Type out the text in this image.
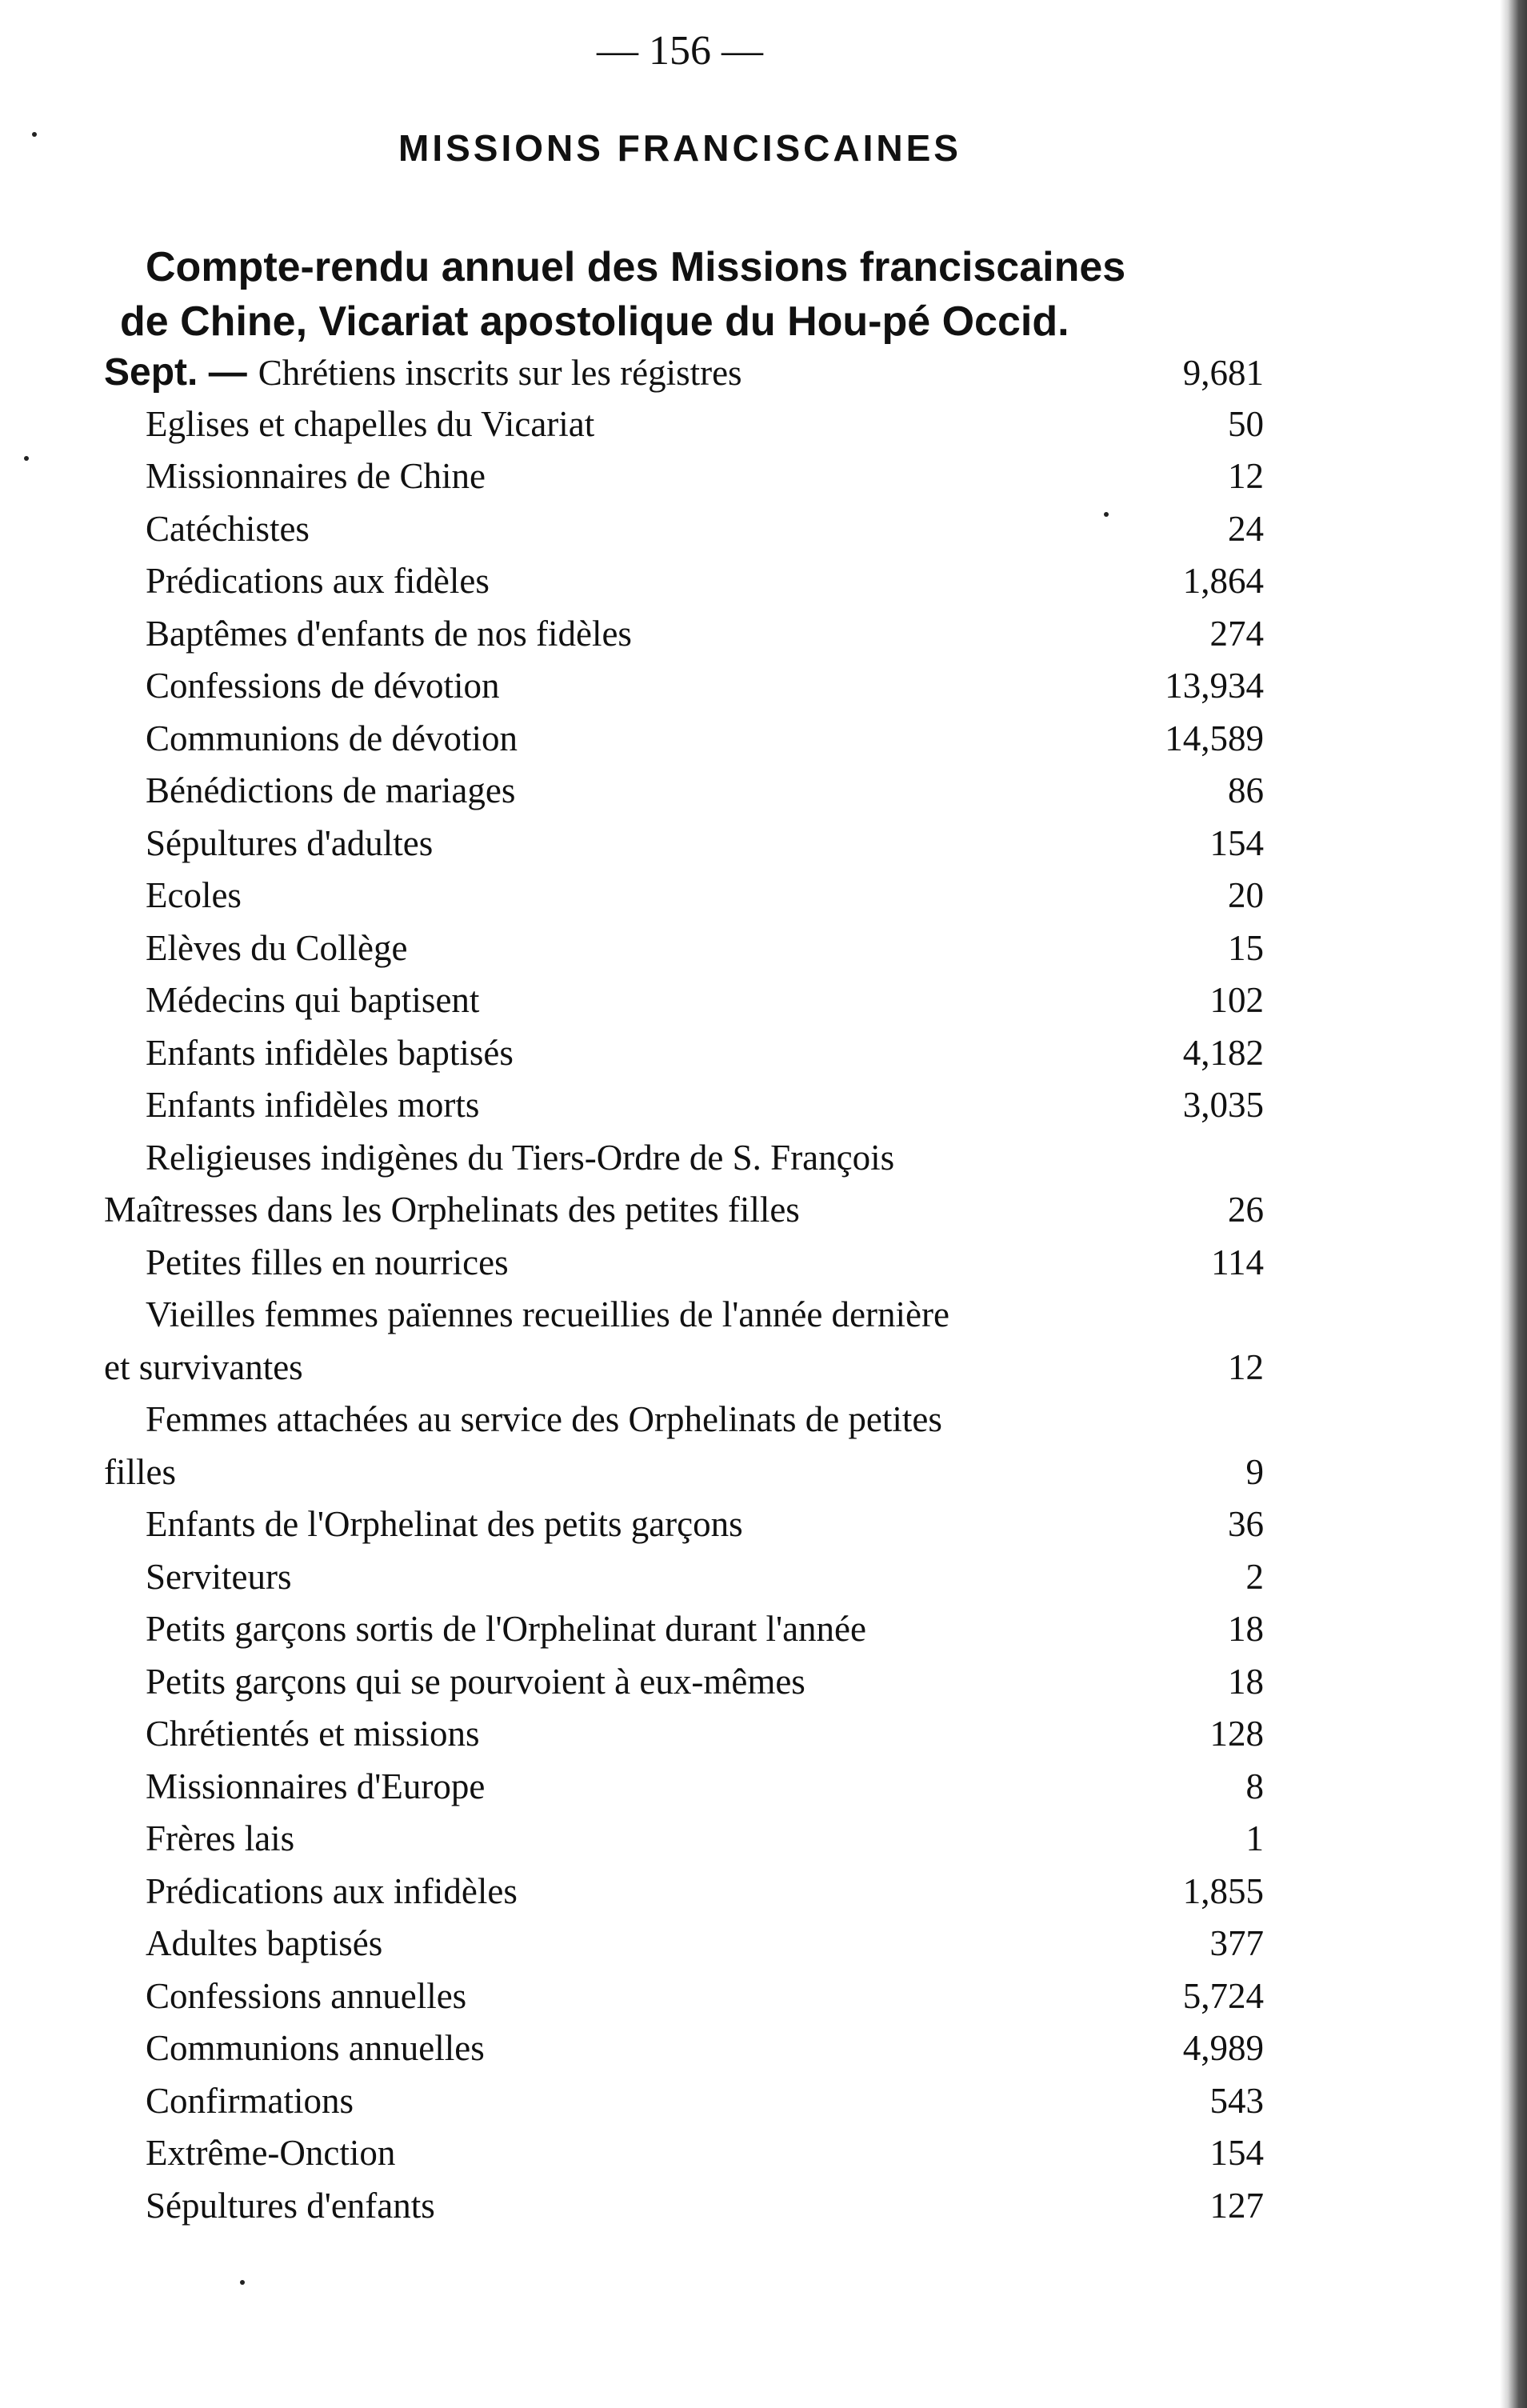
— 156 —
MISSIONS FRANCISCAINES
Compte-rendu annuel des Missions franciscaines
de Chine, Vicariat apostolique du Hou-pé Occid.
Sept. — Chrétiens inscrits sur les régistres	9,681
Eglises et chapelles du Vicariat	50
Missionnaires de Chine	12
Catéchistes	24
Prédications aux fidèles	1,864
Baptêmes d'enfants de nos fidèles	274
Confessions de dévotion	13,934
Communions de dévotion	14,589
Bénédictions de mariages	86
Sépultures d'adultes	154
Ecoles	20
Elèves du Collège	15
Médecins qui baptisent	102
Enfants infidèles baptisés	4,182
Enfants infidèles morts	3,035
Religieuses indigènes du Tiers-Ordre de S. François
Maîtresses dans les Orphelinats des petites filles	26
Petites filles en nourrices	114
Vieilles femmes païennes recueillies de l'année dernière
et survivantes	12
Femmes attachées au service des Orphelinats de petites
filles	9
Enfants de l'Orphelinat des petits garçons	36
Serviteurs	2
Petits garçons sortis de l'Orphelinat durant l'année	18
Petits garçons qui se pourvoient à eux-mêmes	18
Chrétientés et missions	128
Missionnaires d'Europe	8
Frères lais	1
Prédications aux infidèles	1,855
Adultes baptisés	377
Confessions annuelles	5,724
Communions annuelles	4,989
Confirmations	543
Extrême-Onction	154
Sépultures d'enfants	127
